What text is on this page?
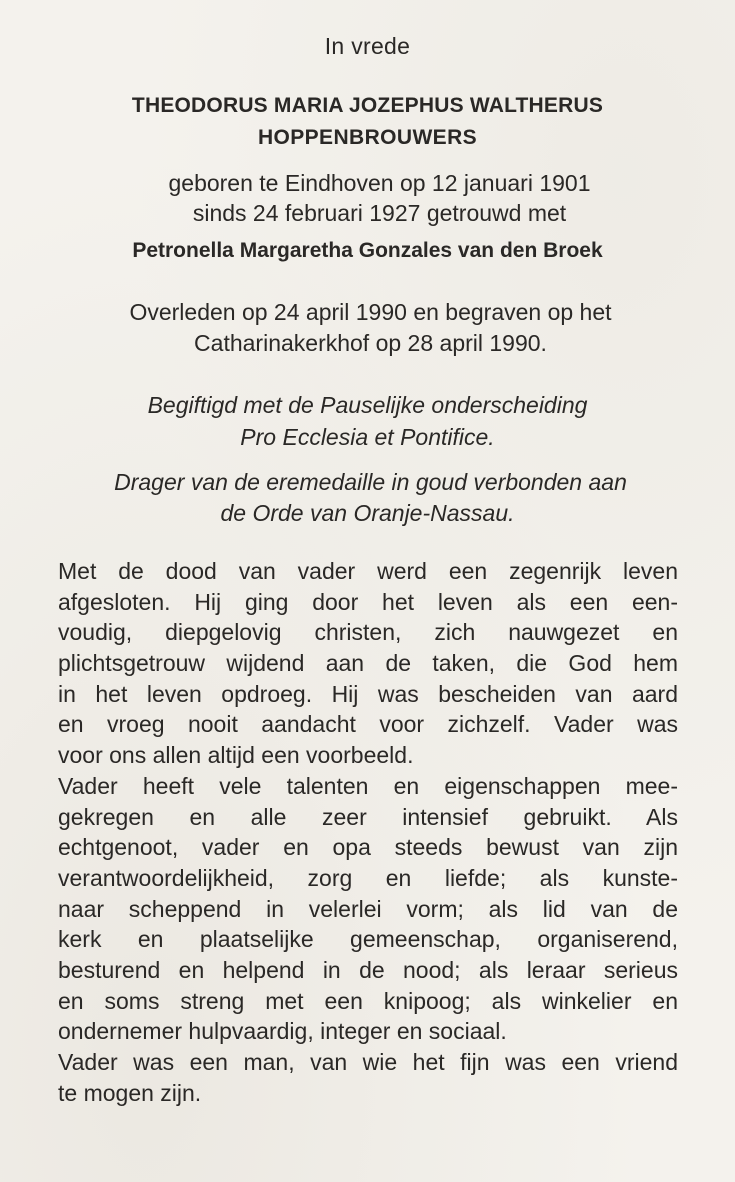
In vrede
THEODORUS MARIA JOZEPHUS WALTHERUS
HOPPENBROUWERS
geboren te Eindhoven op 12 januari 1901
sinds 24 februari 1927 getrouwd met
Petronella Margaretha Gonzales van den Broek
Overleden op 24 april 1990 en begraven op het
Catharinakerkhof op 28 april 1990.
Begiftigd met de Pauselijke onderscheiding
Pro Ecclesia et Pontifice.
Drager van de eremedaille in goud verbonden aan
de Orde van Oranje-Nassau.
Met de dood van vader werd een zegenrijk leven
afgesloten. Hij ging door het leven als een een-
voudig, diepgelovig christen, zich nauwgezet en
plichtsgetrouw wijdend aan de taken, die God hem
in het leven opdroeg. Hij was bescheiden van aard
en vroeg nooit aandacht voor zichzelf. Vader was
voor ons allen altijd een voorbeeld.
Vader heeft vele talenten en eigenschappen mee-
gekregen en alle zeer intensief gebruikt. Als
echtgenoot, vader en opa steeds bewust van zijn
verantwoordelijkheid, zorg en liefde; als kunste-
naar scheppend in velerlei vorm; als lid van de
kerk en plaatselijke gemeenschap, organiserend,
besturend en helpend in de nood; als leraar serieus
en soms streng met een knipoog; als winkelier en
ondernemer hulpvaardig, integer en sociaal.
Vader was een man, van wie het fijn was een vriend
te mogen zijn.
